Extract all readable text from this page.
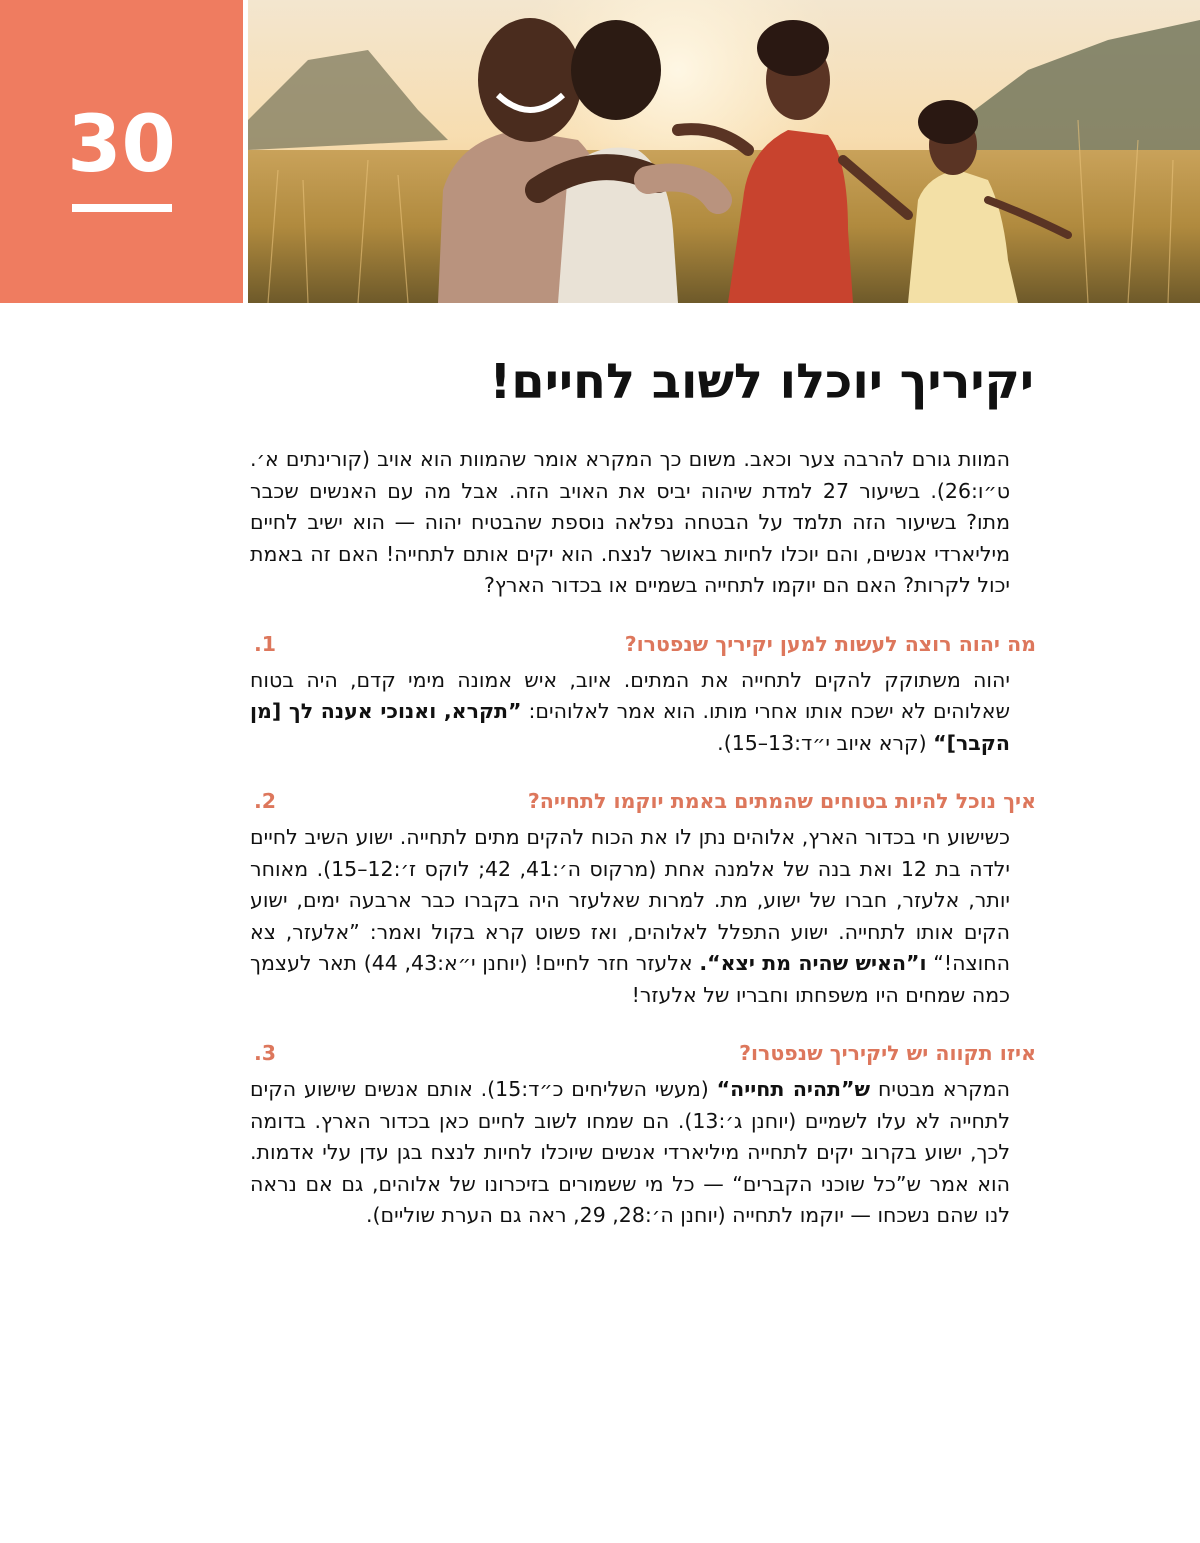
30
יקיריך יוכלו לשוב לחיים!

המוות גורם להרבה צער וכאב. משום כך המקרא אומר שהמוות הוא אויב (קורינתים א׳. ט״ו:26). בשיעור 27 למדת שיהוה יביס את האויב הזה. אבל מה עם האנשים שכבר מתו? בשיעור הזה תלמד על הבטחה נפלאה נוספת שהבטיח יהוה — הוא ישיב לחיים מיליארדי אנשים, והם יוכלו לחיות באושר לנצח. הוא יקים אותם לתחייה! האם זה באמת יכול לקרות? האם הם יוקמו לתחייה בשמיים או בכדור הארץ?

מה יהוה רוצה לעשות למען יקיריך שנפטרו?
1.

יהוה משתוקק להקים לתחייה את המתים. איוב, איש אמונה מימי קדם, היה בטוח שאלוהים לא ישכח אותו אחרי מותו. הוא אמר לאלוהים: ”תקרא, ואנוכי אענה לך [מן הקבר]“ (קרא איוב י״ד:13–15).

איך נוכל להיות בטוחים שהמתים באמת יוקמו לתחייה?
2.

כשישוע חי בכדור הארץ, אלוהים נתן לו את הכוח להקים מתים לתחייה. ישוע השיב לחיים ילדה בת 12 ואת בנה של אלמנה אחת (מרקוס ה׳:41, 42; לוקס ז׳:12–15). מאוחר יותר, אלעזר, חברו של ישוע, מת. למרות שאלעזר היה בקברו כבר ארבעה ימים, ישוע הקים אותו לתחייה. ישוע התפלל לאלוהים, ואז פשוט קרא בקול ואמר: ”אלעזר, צא החוצה!“ ו”האיש שהיה מת יצא“. אלעזר חזר לחיים! (יוחנן י״א:43, 44) תאר לעצמך כמה שמחים היו משפחתו וחבריו של אלעזר!

איזו תקווה יש ליקיריך שנפטרו?
3.

המקרא מבטיח ש”תהיה תחייה“ (מעשי השליחים כ״ד:15). אותם אנשים שישוע הקים לתחייה לא עלו לשמיים (יוחנן ג׳:13). הם שמחו לשוב לחיים כאן בכדור הארץ. בדומה לכך, ישוע בקרוב יקים לתחייה מיליארדי אנשים שיוכלו לחיות לנצח בגן עדן עלי אדמות. הוא אמר ש”כל שוכני הקברים“ — כל מי ששמורים בזיכרונו של אלוהים, גם אם נראה לנו שהם נשכחו — יוקמו לתחייה (יוחנן ה׳:28, 29, ראה גם הערת שוליים).
